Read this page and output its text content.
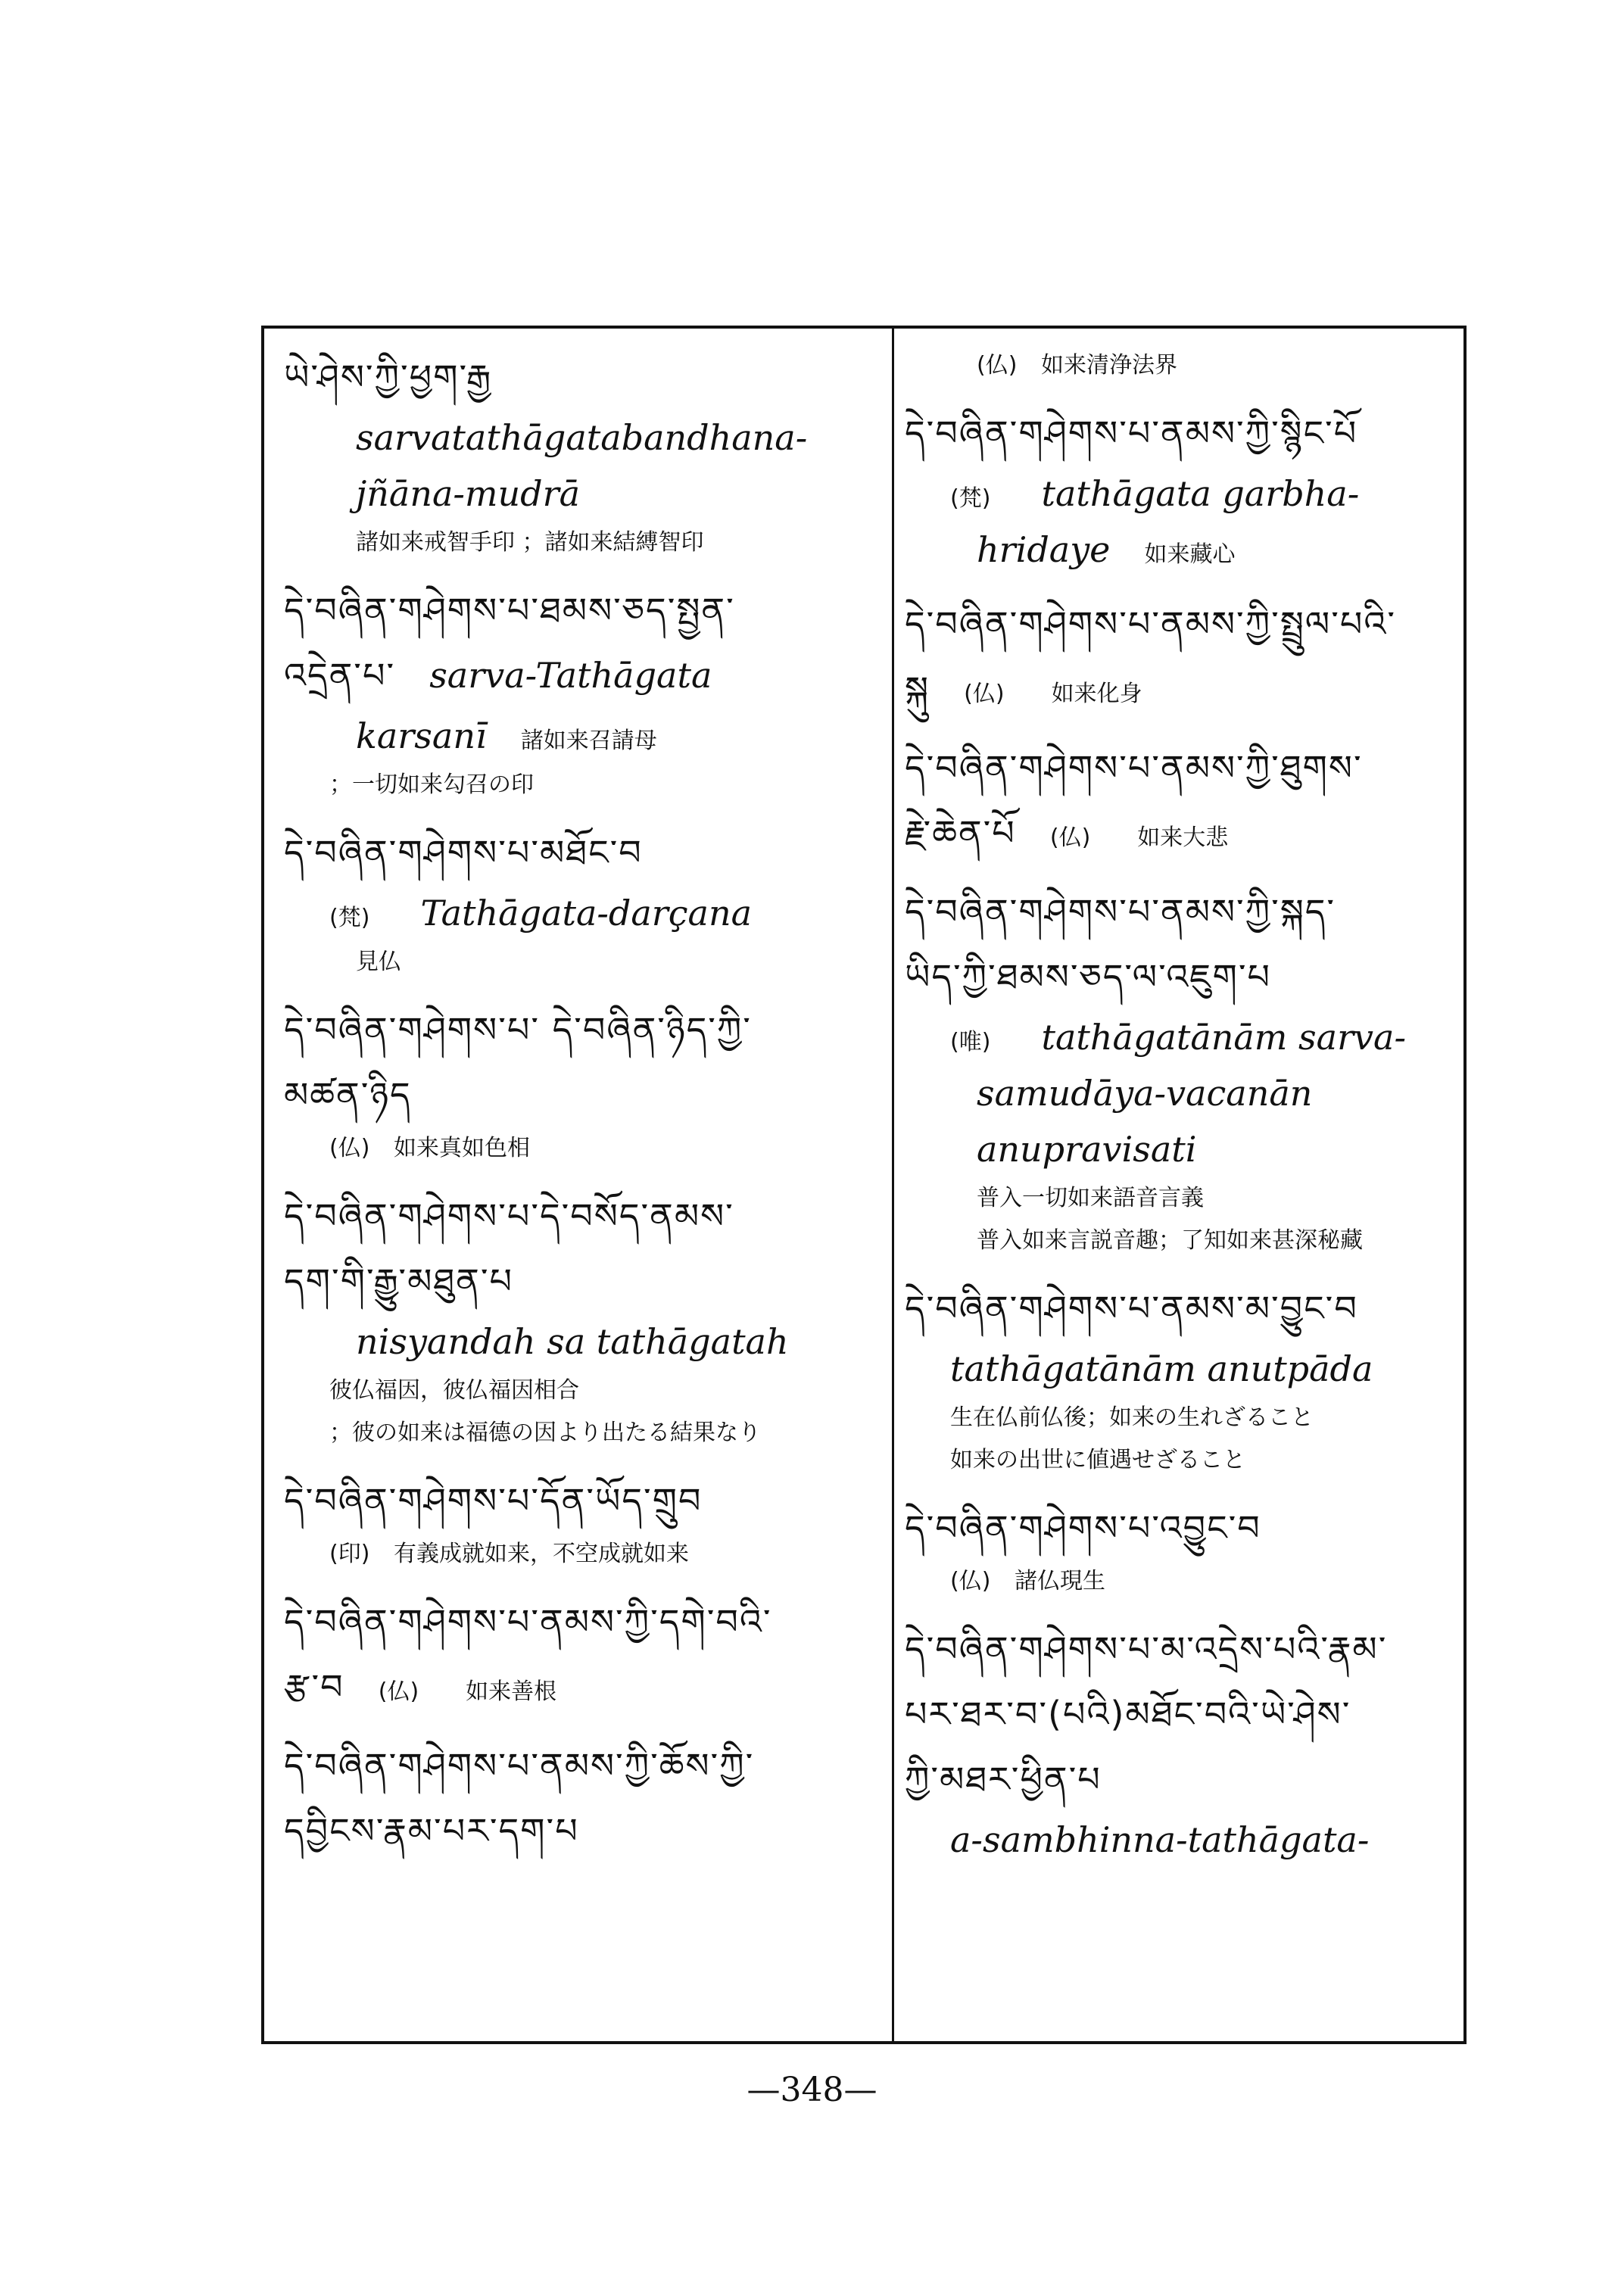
ཡེ་ཤེས་ཀྱི་ཕྱག་རྒྱ
sarvatathāgatabandhana-
jñāna-mudrā
諸如来戒智手印 ；諸如来結縛智印
དེ་བཞིན་གཤེགས་པ་ཐམས་ཅད་སྤྱན་
འདྲེན་པ་ sarva-Tathāgata
karsanī 諸如来召請母
；一切如来勾召の印
དེ་བཞིན་གཤེགས་པ་མཐོང་བ
(梵) Tathāgata-darçana
見仏
དེ་བཞིན་གཤེགས་པ་ དེ་བཞིན་ཉིད་ཀྱི་
མཚན་ཉིད
(仏) 如来真如色相
དེ་བཞིན་གཤེགས་པ་དེ་བསོད་ནམས་
དག་གི་རྒྱུ་མཐུན་པ
nisyandah sa tathāgatah
彼仏福因，彼仏福因相合
；彼の如来は福德の因より出たる結果なり
དེ་བཞིན་གཤེགས་པ་དོན་ཡོད་གྲུབ
(印) 有義成就如来，不空成就如来
དེ་བཞིན་གཤེགས་པ་ནམས་ཀྱི་དགེ་བའི་
རྩ་བ (仏) 如来善根
དེ་བཞིན་གཤེགས་པ་ནམས་ཀྱི་ཆོས་ཀྱི་
དབྱིངས་རྣམ་པར་དག་པ
(仏) 如来清浄法界
དེ་བཞིན་གཤེགས་པ་ནམས་ཀྱི་སྙིང་པོ
(梵) tathāgata garbha-
hridaye 如来藏心
དེ་བཞིན་གཤེགས་པ་ནམས་ཀྱི་སྤྲུལ་པའི་
སྐུ (仏) 如来化身
དེ་བཞིན་གཤེགས་པ་ནམས་ཀྱི་ཐུགས་
རྗེ་ཆེན་པོ (仏) 如来大悲
དེ་བཞིན་གཤེགས་པ་ནམས་ཀྱི་སྐད་
ཡིད་ཀྱི་ཐམས་ཅད་ལ་འཇུག་པ
(唯) tathāgatānām sarva-
samudāya-vacanān
anupravisati
普入一切如来語音言義
普入如来言説音趣；了知如来甚深秘藏
དེ་བཞིན་གཤེགས་པ་ནམས་མ་བྱུང་བ
tathāgatānām anutpāda
生在仏前仏後；如来の生れざること
如来の出世に値遇せざること
དེ་བཞིན་གཤེགས་པ་འབྱུང་བ
(仏) 諸仏現生
དེ་བཞིན་གཤེགས་པ་མ་འདྲེས་པའི་རྣམ་
པར་ཐར་བ་(པའི)མཐོང་བའི་ཡེ་ཤེས་
ཀྱི་མཐར་ཕྱིན་པ
a-sambhinna-tathāgata-
—348—
